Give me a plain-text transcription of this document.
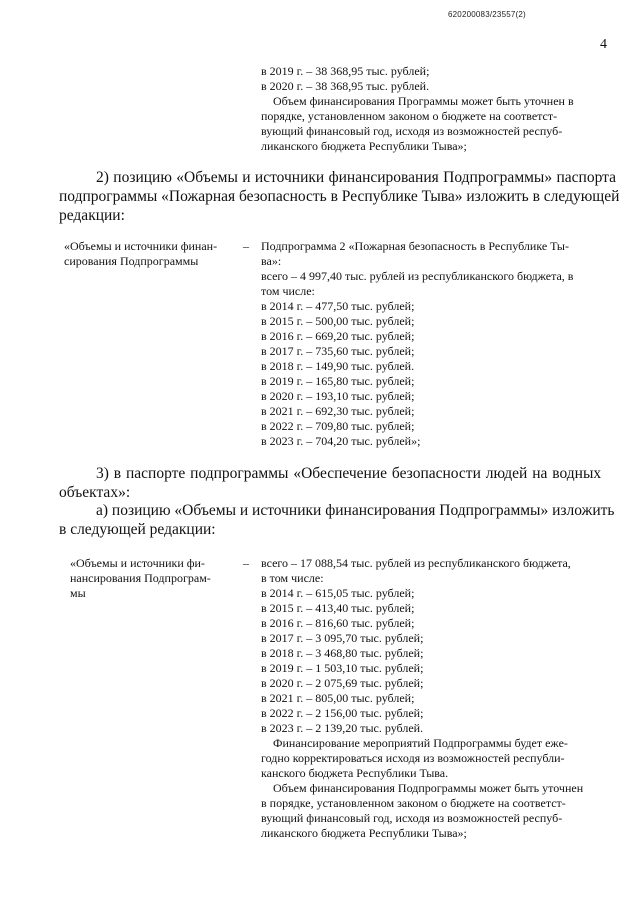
620200083/23557(2)
4
в 2019 г. – 38 368,95 тыс. рублей;
в 2020 г. – 38 368,95 тыс. рублей.
Объем финансирования Программы может быть уточнен в
порядке, установленном законом о бюджете на соответст-
вующий финансовый год, исходя из возможностей респуб-
ликанского бюджета Республики Тыва»;
2) позицию «Объемы и источники финансирования Подпрограммы» паспорта
подпрограммы «Пожарная безопасность в Республике Тыва» изложить в следующей
редакции:
«Объемы и источники финан-
сирования Подпрограммы
– Подпрограмма 2 «Пожарная безопасность в Республике Ты-
ва»:
всего – 4 997,40 тыс. рублей из республиканского бюджета, в
том числе:
в 2014 г. – 477,50 тыс. рублей;
в 2015 г. – 500,00 тыс. рублей;
в 2016 г. – 669,20 тыс. рублей;
в 2017 г. – 735,60 тыс. рублей;
в 2018 г. – 149,90 тыс. рублей.
в 2019 г. – 165,80 тыс. рублей;
в 2020 г. – 193,10 тыс. рублей;
в 2021 г. – 692,30 тыс. рублей;
в 2022 г. – 709,80 тыс. рублей;
в 2023 г. – 704,20 тыс. рублей»;
3) в паспорте подпрограммы «Обеспечение безопасности людей на водных
объектах»:
а) позицию «Объемы и источники финансирования Подпрограммы» изложить
в следующей редакции:
«Объемы и источники фи-
нансирования Подпрограм-
мы
– всего – 17 088,54 тыс. рублей из республиканского бюджета,
в том числе:
в 2014 г. – 615,05 тыс. рублей;
в 2015 г. – 413,40 тыс. рублей;
в 2016 г. – 816,60 тыс. рублей;
в 2017 г. – 3 095,70 тыс. рублей;
в 2018 г. – 3 468,80 тыс. рублей;
в 2019 г. – 1 503,10 тыс. рублей;
в 2020 г. – 2 075,69 тыс. рублей;
в 2021 г. – 805,00 тыс. рублей;
в 2022 г. – 2 156,00 тыс. рублей;
в 2023 г. – 2 139,20 тыс. рублей.
Финансирование мероприятий Подпрограммы будет еже-
годно корректироваться исходя из возможностей республи-
канского бюджета Республики Тыва.
Объем финансирования Подпрограммы может быть уточнен
в порядке, установленном законом о бюджете на соответст-
вующий финансовый год, исходя из возможностей респуб-
ликанского бюджета Республики Тыва»;
